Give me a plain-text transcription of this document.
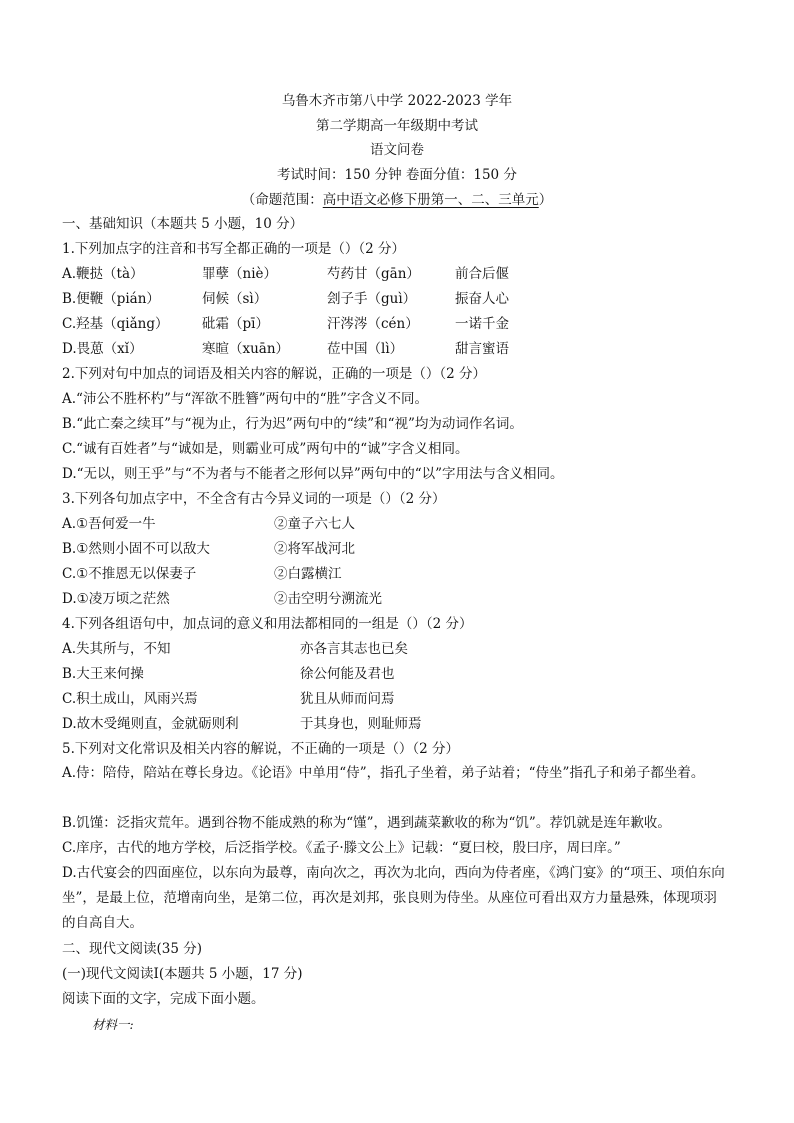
乌鲁木齐市第八中学 2022-2023 学年
第二学期高一年级期中考试
语文问卷
考试时间：150 分钟 卷面分值：150 分
（命题范围：高中语文必修下册第一、二、三单元）
一、基础知识（本题共 5 小题，10 分）
1.下列加点字的注音和书写全都正确的一项是（）（2 分）
A.鞭挞（tà）	罪孽（niè）	芍药甘（gān）	前合后偃
B.便鞭（pián）	伺候（sì）	刽子手（guì）	振奋人心
C.羟基（qiǎng）	砒霜（pī）	汗涔涔（cén）	一诺千金
D.畏葸（xǐ）	寒暄（xuān）	莅中国（lì）	甜言蜜语
2.下列对句中加点的词语及相关内容的解说，正确的一项是（）（2 分）
A.“沛公不胜杯杓”与“浑欲不胜簪”两句中的“胜”字含义不同。
B.“此亡秦之续耳”与“视为止，行为迟”两句中的“续”和“视”均为动词作名词。
C.“诚有百姓者”与“诚如是，则霸业可成”两句中的“诚”字含义相同。
D.“无以，则王乎”与“不为者与不能者之形何以异”两句中的“以”字用法与含义相同。
3.下列各句加点字中，不全含有古今异义词的一项是（）（2 分）
A.①吾何爱一牛	②童子六七人
B.①然则小固不可以敌大	②将军战河北
C.①不推恩无以保妻子	②白露横江
D.①凌万顷之茫然	②击空明兮溯流光
4.下列各组语句中，加点词的意义和用法都相同的一组是（）（2 分）
A.失其所与，不知	亦各言其志也已矣
B.大王来何操	徐公何能及君也
C.积土成山，风雨兴焉	犹且从师而问焉
D.故木受绳则直，金就砺则利	于其身也，则耻师焉
5.下列对文化常识及相关内容的解说，不正确的一项是（）（2 分）
A.侍：陪侍，陪站在尊长身边。《论语》中单用“侍”，指孔子坐着，弟子站着；“侍坐”指孔子和弟子都坐着。
B.饥馑：泛指灾荒年。遇到谷物不能成熟的称为“馑”，遇到蔬菜歉收的称为“饥”。荐饥就是连年歉收。
C.庠序，古代的地方学校，后泛指学校。《孟子·滕文公上》记载：“夏曰校，殷曰序，周曰庠。”
D.古代宴会的四面座位，以东向为最尊，南向次之，再次为北向，西向为侍者座，《鸿门宴》的“项王、项伯东向坐”，是最上位，范增南向坐，是第二位，再次是刘邦，张良则为侍坐。从座位可看出双方力量悬殊，体现项羽的自高自大。
二、现代文阅读(35 分)
(一)现代文阅读Ⅰ(本题共 5 小题，17 分)
阅读下面的文字，完成下面小题。
材料一:
